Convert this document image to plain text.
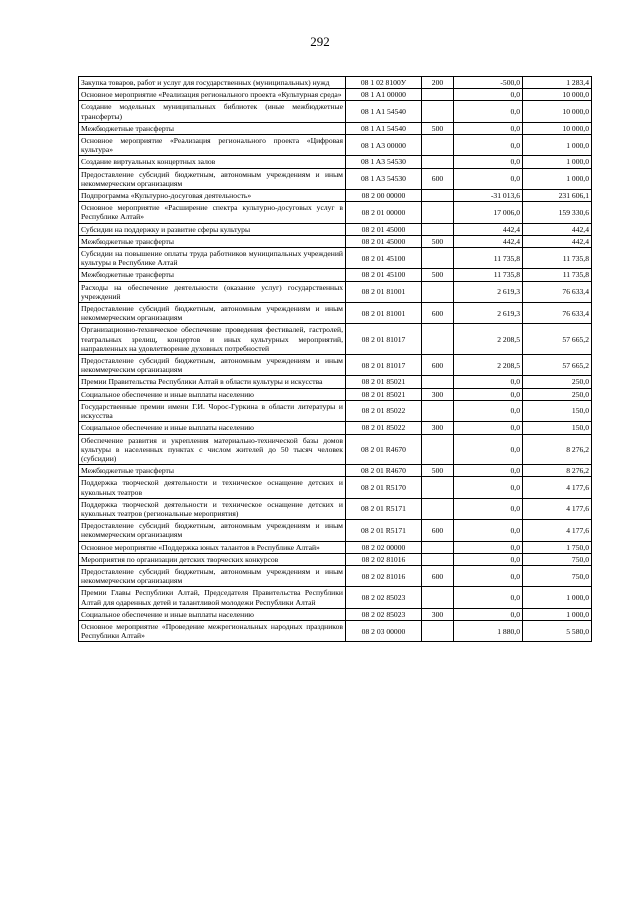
292
Закупка товаров, работ и услуг для государственных (муниципальных) нужд	08 1 02 8100У	200	-500,0	1 283,4
Основное мероприятие «Реализация регионального проекта «Культурная среда»	08 1 A1 00000		0,0	10 000,0
Создание модельных муниципальных библиотек (иные межбюджетные трансферты)	08 1 A1 54540		0,0	10 000,0
Межбюджетные трансферты	08 1 A1 54540	500	0,0	10 000,0
Основное мероприятие «Реализация регионального проекта «Цифровая культура»	08 1 A3 00000		0,0	1 000,0
Создание виртуальных концертных залов	08 1 A3 54530		0,0	1 000,0
Предоставление субсидий бюджетным, автономным учреждениям и иным некоммерческим организациям	08 1 A3 54530	600	0,0	1 000,0
Подпрограмма «Культурно-досуговая деятельность»	08 2 00 00000		-31 013,6	231 606,1
Основное мероприятие «Расширение спектра культурно-досуговых услуг в Республике Алтай»	08 2 01 00000		17 006,0	159 330,6
Субсидии на поддержку и развитие сферы культуры	08 2 01 45000		442,4	442,4
Межбюджетные трансферты	08 2 01 45000	500	442,4	442,4
Субсидии на повышение оплаты труда работников муниципальных учреждений культуры в Республике Алтай	08 2 01 45100		11 735,8	11 735,8
Межбюджетные трансферты	08 2 01 45100	500	11 735,8	11 735,8
Расходы на обеспечение деятельности (оказание услуг) государственных учреждений	08 2 01 81001		2 619,3	76 633,4
Предоставление субсидий бюджетным, автономным учреждениям и иным некоммерческим организациям	08 2 01 81001	600	2 619,3	76 633,4
Организационно-техническое обеспечение проведения фестивалей, гастролей, театральных зрелищ, концертов и иных культурных мероприятий, направленных на удовлетворение духовных потребностей	08 2 01 81017		2 208,5	57 665,2
Предоставление субсидий бюджетным, автономным учреждениям и иным некоммерческим организациям	08 2 01 81017	600	2 208,5	57 665,2
Премии Правительства Республики Алтай в области культуры и искусства	08 2 01 85021		0,0	250,0
Социальное обеспечение и иные выплаты населению	08 2 01 85021	300	0,0	250,0
Государственные премии имени Г.И. Чорос-Гуркина в области литературы и искусства	08 2 01 85022		0,0	150,0
Социальное обеспечение и иные выплаты населению	08 2 01 85022	300	0,0	150,0
Обеспечение развития и укрепления материально-технической базы домов культуры в населенных пунктах с числом жителей до 50 тысяч человек (субсидии)	08 2 01 R4670		0,0	8 276,2
Межбюджетные трансферты	08 2 01 R4670	500	0,0	8 276,2
Поддержка творческой деятельности и техническое оснащение детских и кукольных театров	08 2 01 R5170		0,0	4 177,6
Поддержка творческой деятельности и техническое оснащение детских и кукольных театров (региональные мероприятия)	08 2 01 R5171		0,0	4 177,6
Предоставление субсидий бюджетным, автономным учреждениям и иным некоммерческим организациям	08 2 01 R5171	600	0,0	4 177,6
Основное мероприятие «Поддержка юных талантов в Республике Алтай»	08 2 02 00000		0,0	1 750,0
Мероприятия по организации детских творческих конкурсов	08 2 02 81016		0,0	750,0
Предоставление субсидий бюджетным, автономным учреждениям и иным некоммерческим организациям	08 2 02 81016	600	0,0	750,0
Премии Главы Республики Алтай, Председателя Правительства Республики Алтай для одаренных детей и талантливой молодежи Республики Алтай	08 2 02 85023		0,0	1 000,0
Социальное обеспечение и иные выплаты населению	08 2 02 85023	300	0,0	1 000,0
Основное мероприятие «Проведение межрегиональных народных праздников Республики Алтай»	08 2 03 00000		1 880,0	5 580,0
